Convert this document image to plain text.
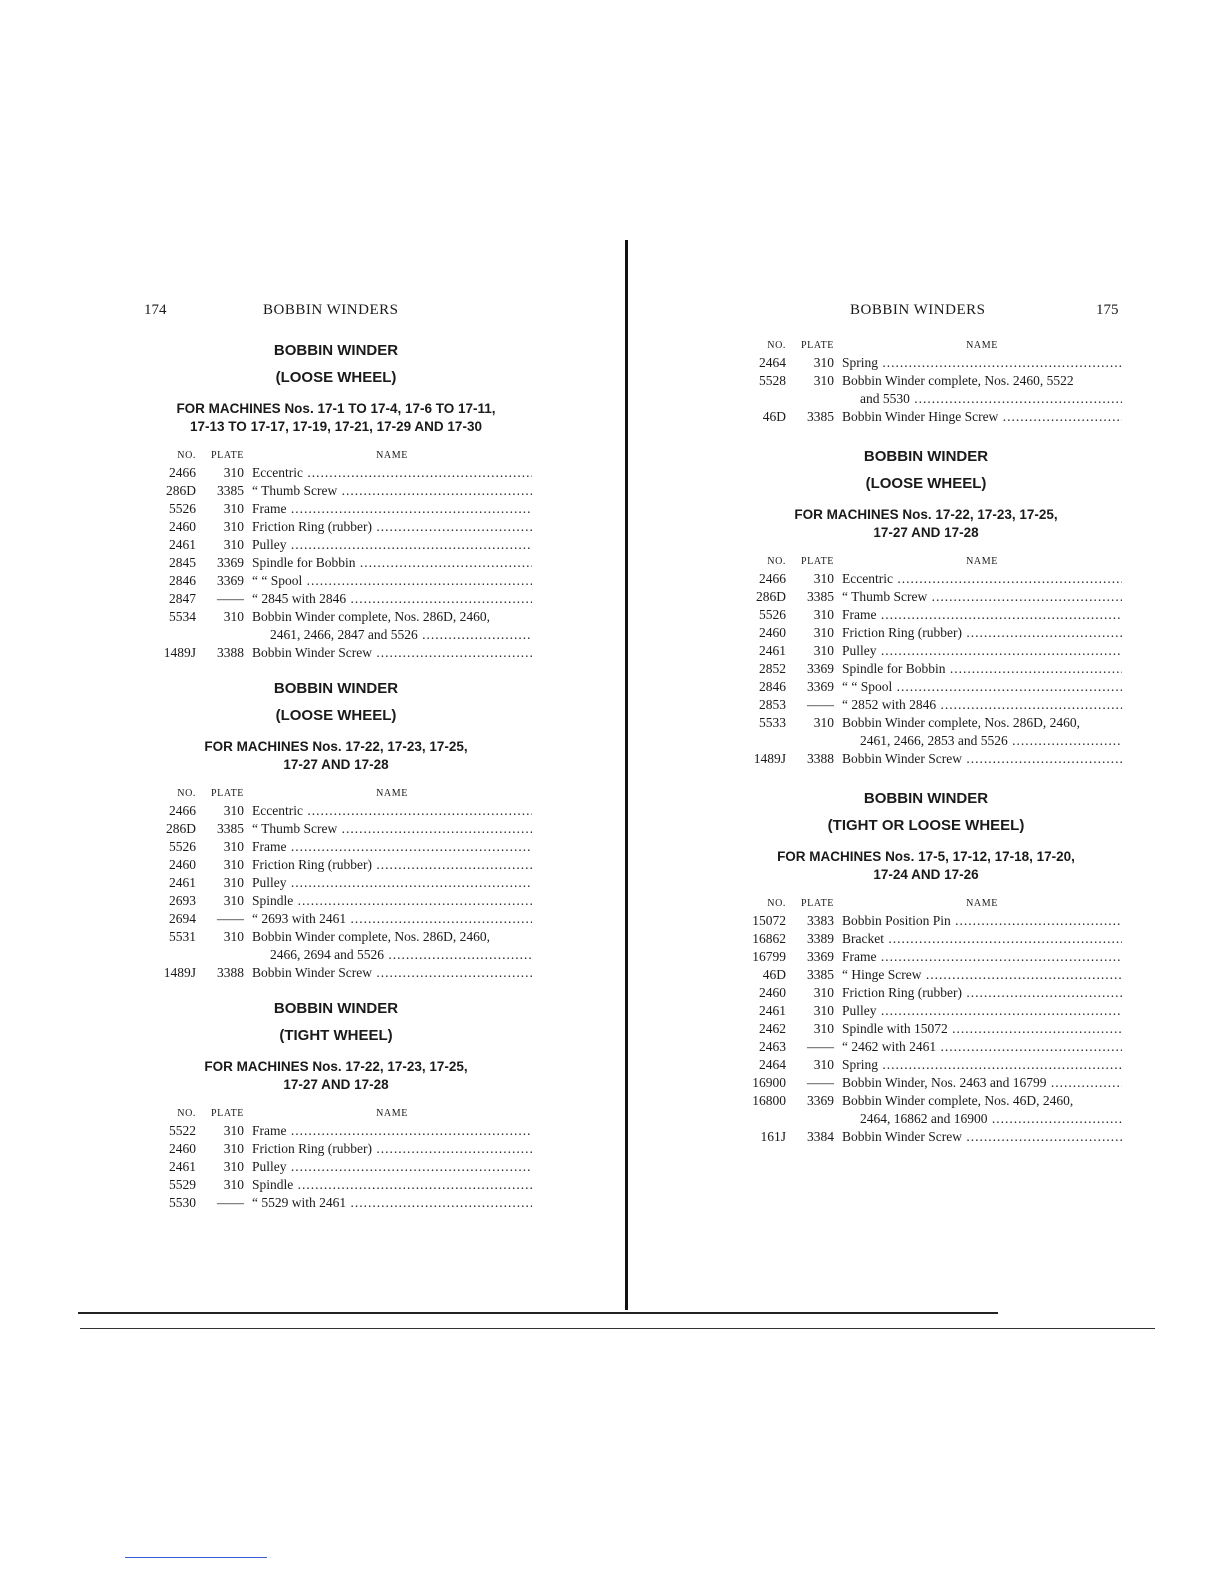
174	BOBBIN WINDERS

BOBBIN WINDER

(LOOSE WHEEL)

FOR MACHINES Nos. 17-1 TO 17-4, 17-6 TO 17-11,
17-13 TO 17-17, 17-19, 17-21, 17-29 AND 17-30
NO.	PLATE	NAME
2466	310 Eccentric .....
286D	3385 “ Thumb Screw .....
5526	310 Frame .....
2460	310 Friction Ring (rubber) .....
2461	310 Pulley .....
2845	3369 Spindle for Bobbin .....
2846	3369 “ “ Spool .....
2847	—— “ 2845 with 2846 .....
5534	310 Bobbin Winder complete, Nos. 286D, 2460,
2461, 2466, 2847 and 5526 .....
1489J	3388 Bobbin Winder Screw .....

BOBBIN WINDER

(LOOSE WHEEL)

FOR MACHINES Nos. 17-22, 17-23, 17-25,
17-27 AND 17-28
NO.	PLATE	NAME
2466	310 Eccentric .....
286D	3385 “ Thumb Screw .....
5526	310 Frame .....
2460	310 Friction Ring (rubber) .....
2461	310 Pulley .....
2693	310 Spindle .....
2694	—— “ 2693 with 2461 .....
5531	310 Bobbin Winder complete, Nos. 286D, 2460,
2466, 2694 and 5526 .....
1489J	3388 Bobbin Winder Screw .....

BOBBIN WINDER

(TIGHT WHEEL)

FOR MACHINES Nos. 17-22, 17-23, 17-25,
17-27 AND 17-28
NO.	PLATE	NAME
5522	310 Frame .....
2460	310 Friction Ring (rubber) .....
2461	310 Pulley .....
5529	310 Spindle .....
5530	—— “ 5529 with 2461 .....
BOBBIN WINDERS	175
NO.	PLATE	NAME
2464	310 Spring .....
5528	310 Bobbin Winder complete, Nos. 2460, 5522
and 5530 .....
46D	3385 Bobbin Winder Hinge Screw .....

BOBBIN WINDER

(LOOSE WHEEL)

FOR MACHINES Nos. 17-22, 17-23, 17-25,
17-27 AND 17-28
NO.	PLATE	NAME
2466	310 Eccentric .....
286D	3385 “ Thumb Screw .....
5526	310 Frame .....
2460	310 Friction Ring (rubber) .....
2461	310 Pulley .....
2852	3369 Spindle for Bobbin .....
2846	3369 “ “ Spool .....
2853	—— “ 2852 with 2846 .....
5533	310 Bobbin Winder complete, Nos. 286D, 2460,
2461, 2466, 2853 and 5526 .....
1489J	3388 Bobbin Winder Screw .....

BOBBIN WINDER

(TIGHT OR LOOSE WHEEL)

FOR MACHINES Nos. 17-5, 17-12, 17-18, 17-20,
17-24 AND 17-26
NO.	PLATE	NAME
15072	3383 Bobbin Position Pin .....
16862	3389 Bracket .....
16799	3369 Frame .....
46D	3385 “ Hinge Screw .....
2460	310 Friction Ring (rubber) .....
2461	310 Pulley .....
2462	310 Spindle with 15072 .....
2463	—— “ 2462 with 2461 .....
2464	310 Spring .....
16900	—— Bobbin Winder, Nos. 2463 and 16799 .....
16800	3369 Bobbin Winder complete, Nos. 46D, 2460,
2464, 16862 and 16900 .....
161J	3384 Bobbin Winder Screw .....
